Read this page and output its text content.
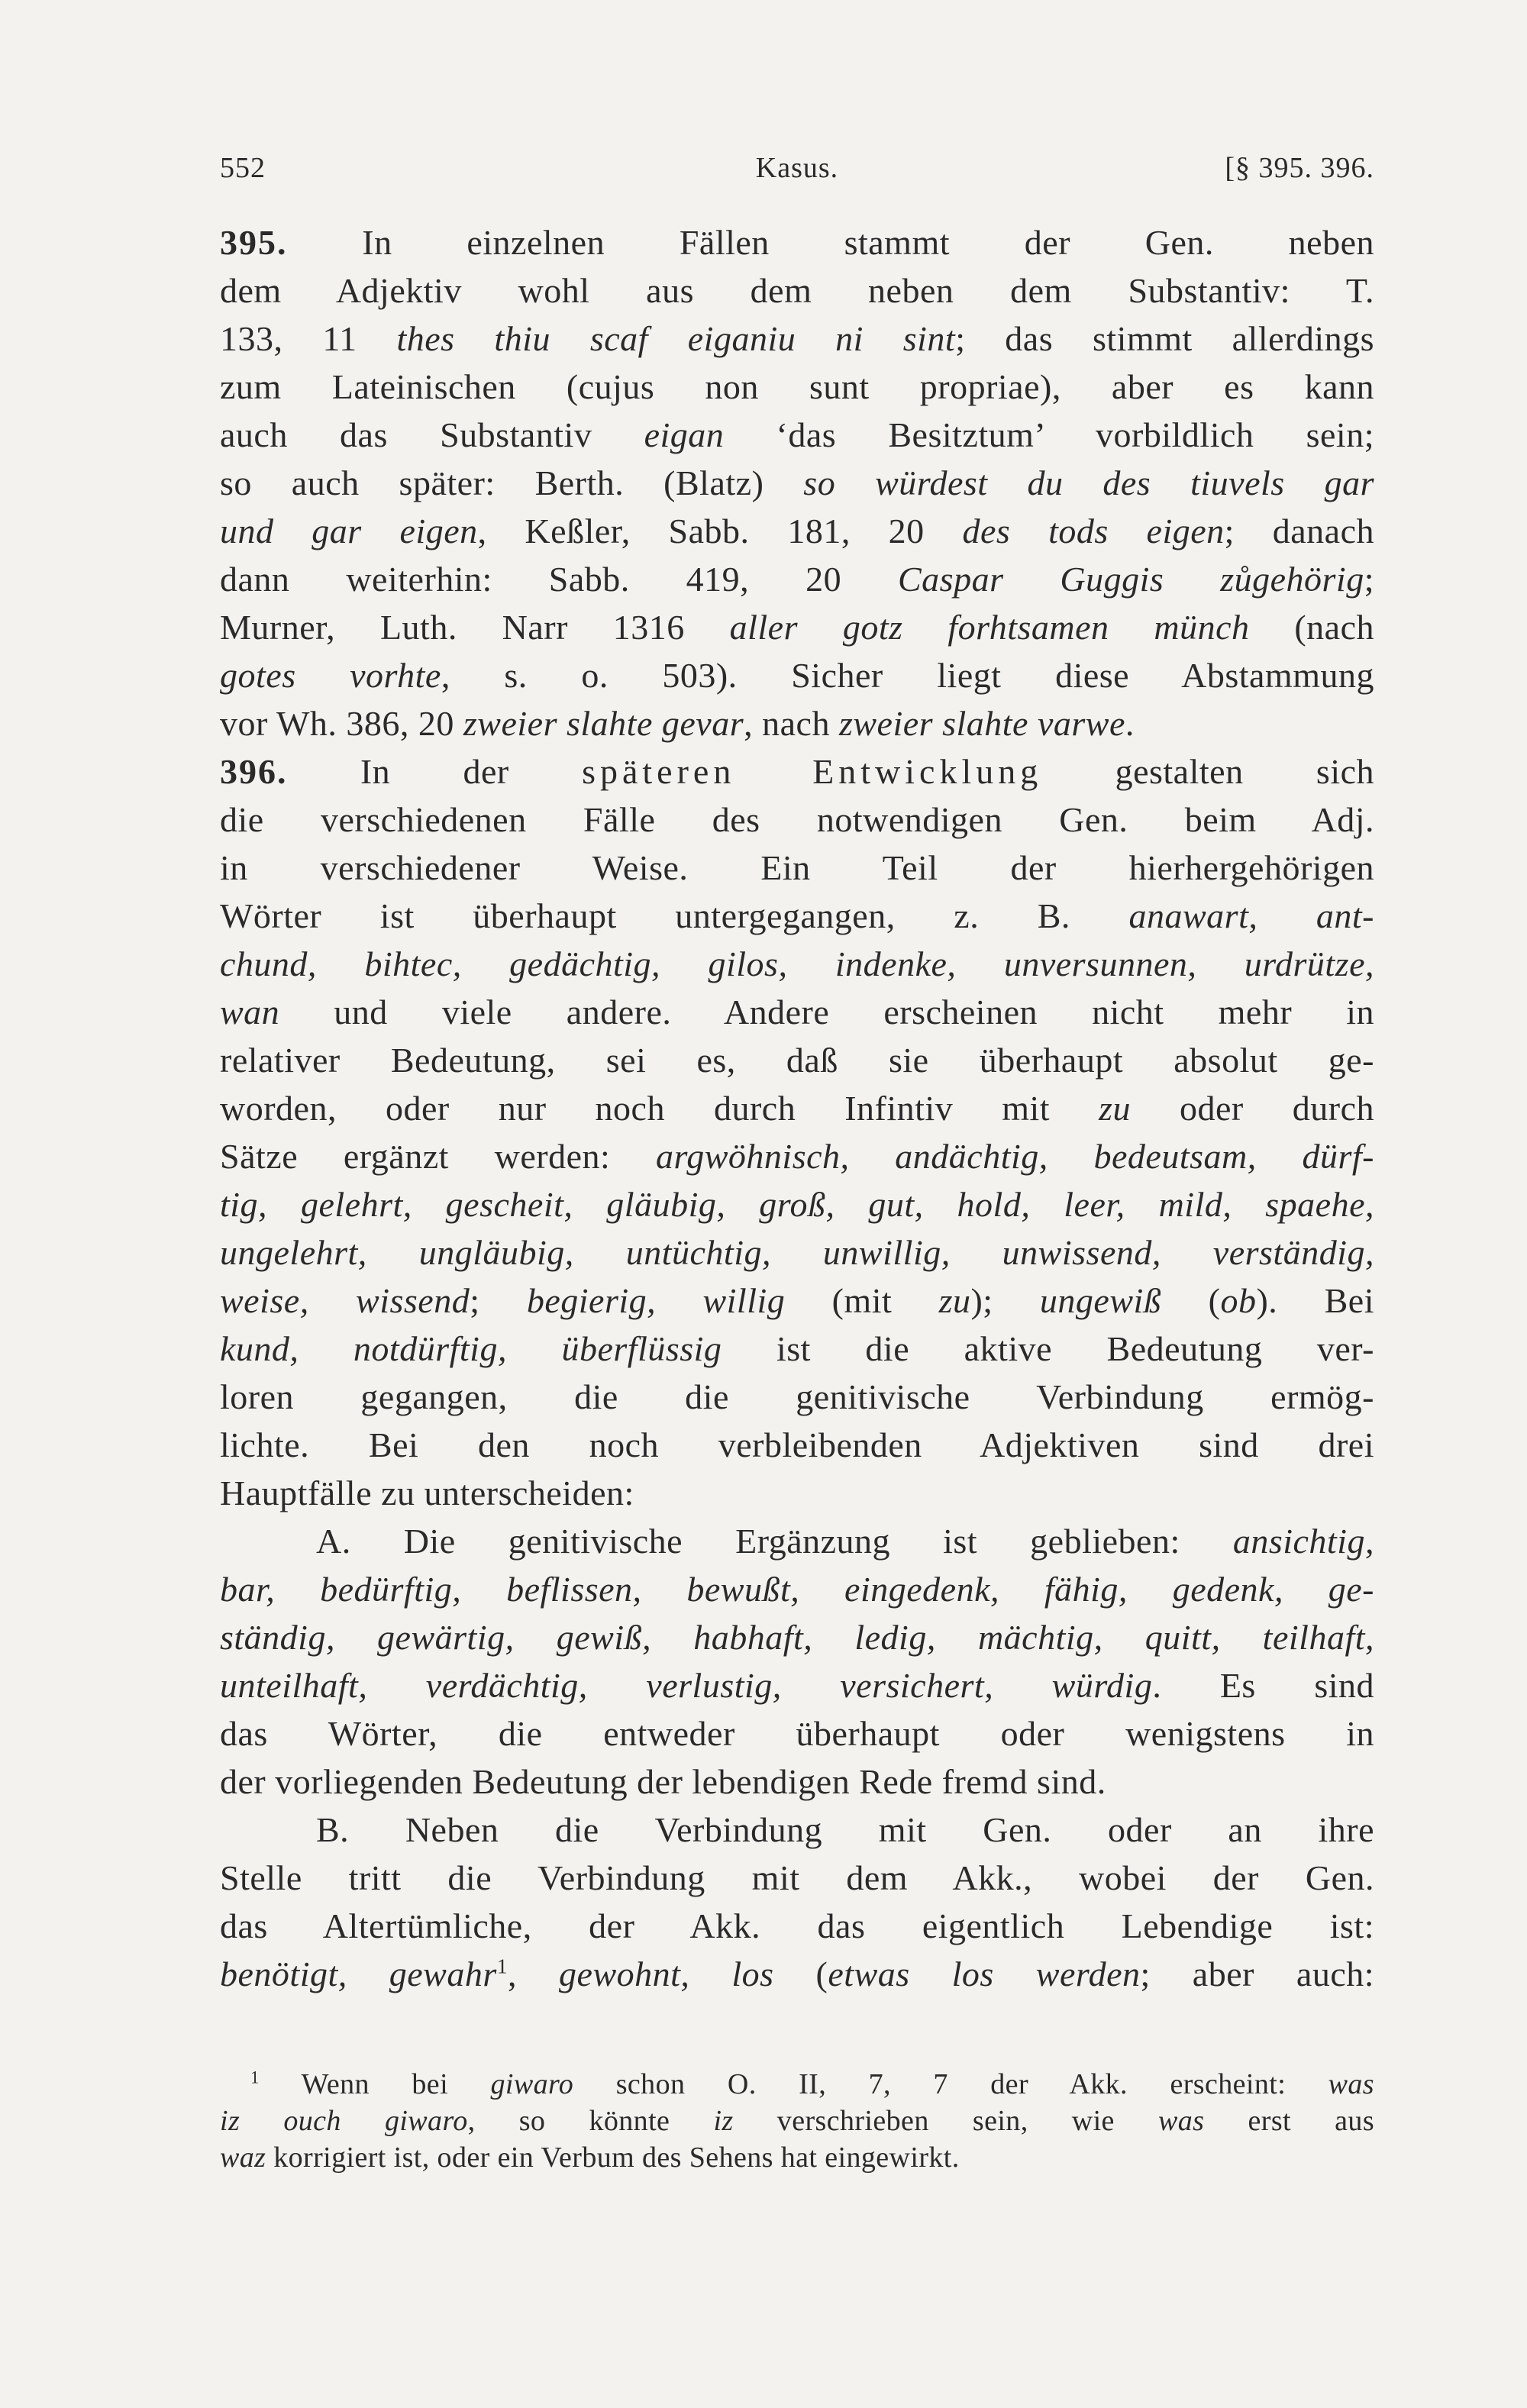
552	Kasus.	[§ 395. 396.
395. In einzelnen Fällen stammt der Gen. neben
dem Adjektiv wohl aus dem neben dem Substantiv: T.
133, 11 thes thiu scaf eiganiu ni sint; das stimmt allerdings
zum Lateinischen (cujus non sunt propriae), aber es kann
auch das Substantiv eigan ‘das Besitztum’ vorbildlich sein;
so auch später: Berth. (Blatz) so würdest du des tiuvels gar
und gar eigen, Keßler, Sabb. 181, 20 des tods eigen; danach
dann weiterhin: Sabb. 419, 20 Caspar Guggis zůgehörig;
Murner, Luth. Narr 1316 aller gotz forhtsamen münch (nach
gotes vorhte, s. o. 503). Sicher liegt diese Abstammung
vor Wh. 386, 20 zweier slahte gevar, nach zweier slahte varwe.
396. In der späteren Entwicklung gestalten sich
die verschiedenen Fälle des notwendigen Gen. beim Adj.
in verschiedener Weise. Ein Teil der hierhergehörigen
Wörter ist überhaupt untergegangen, z. B. anawart, ant-
chund, bihtec, gedächtig, gilos, indenke, unversunnen, urdrütze,
wan und viele andere. Andere erscheinen nicht mehr in
relativer Bedeutung, sei es, daß sie überhaupt absolut ge-
worden, oder nur noch durch Infintiv mit zu oder durch
Sätze ergänzt werden: argwöhnisch, andächtig, bedeutsam, dürf-
tig, gelehrt, gescheit, gläubig, groß, gut, hold, leer, mild, spaehe,
ungelehrt, ungläubig, untüchtig, unwillig, unwissend, verständig,
weise, wissend; begierig, willig (mit zu); ungewiß (ob). Bei
kund, notdürftig, überflüssig ist die aktive Bedeutung ver-
loren gegangen, die die genitivische Verbindung ermög-
lichte. Bei den noch verbleibenden Adjektiven sind drei
Hauptfälle zu unterscheiden:
A. Die genitivische Ergänzung ist geblieben: ansichtig,
bar, bedürftig, beflissen, bewußt, eingedenk, fähig, gedenk, ge-
ständig, gewärtig, gewiß, habhaft, ledig, mächtig, quitt, teilhaft,
unteilhaft, verdächtig, verlustig, versichert, würdig. Es sind
das Wörter, die entweder überhaupt oder wenigstens in
der vorliegenden Bedeutung der lebendigen Rede fremd sind.
B. Neben die Verbindung mit Gen. oder an ihre
Stelle tritt die Verbindung mit dem Akk., wobei der Gen.
das Altertümliche, der Akk. das eigentlich Lebendige ist:
benötigt, gewahr$^1$, gewohnt, los (etwas los werden; aber auch:
$^1$ Wenn bei giwaro schon O. II, 7, 7 der Akk. erscheint: was
iz ouch giwaro, so könnte iz verschrieben sein, wie was erst aus
waz korrigiert ist, oder ein Verbum des Sehens hat eingewirkt.
